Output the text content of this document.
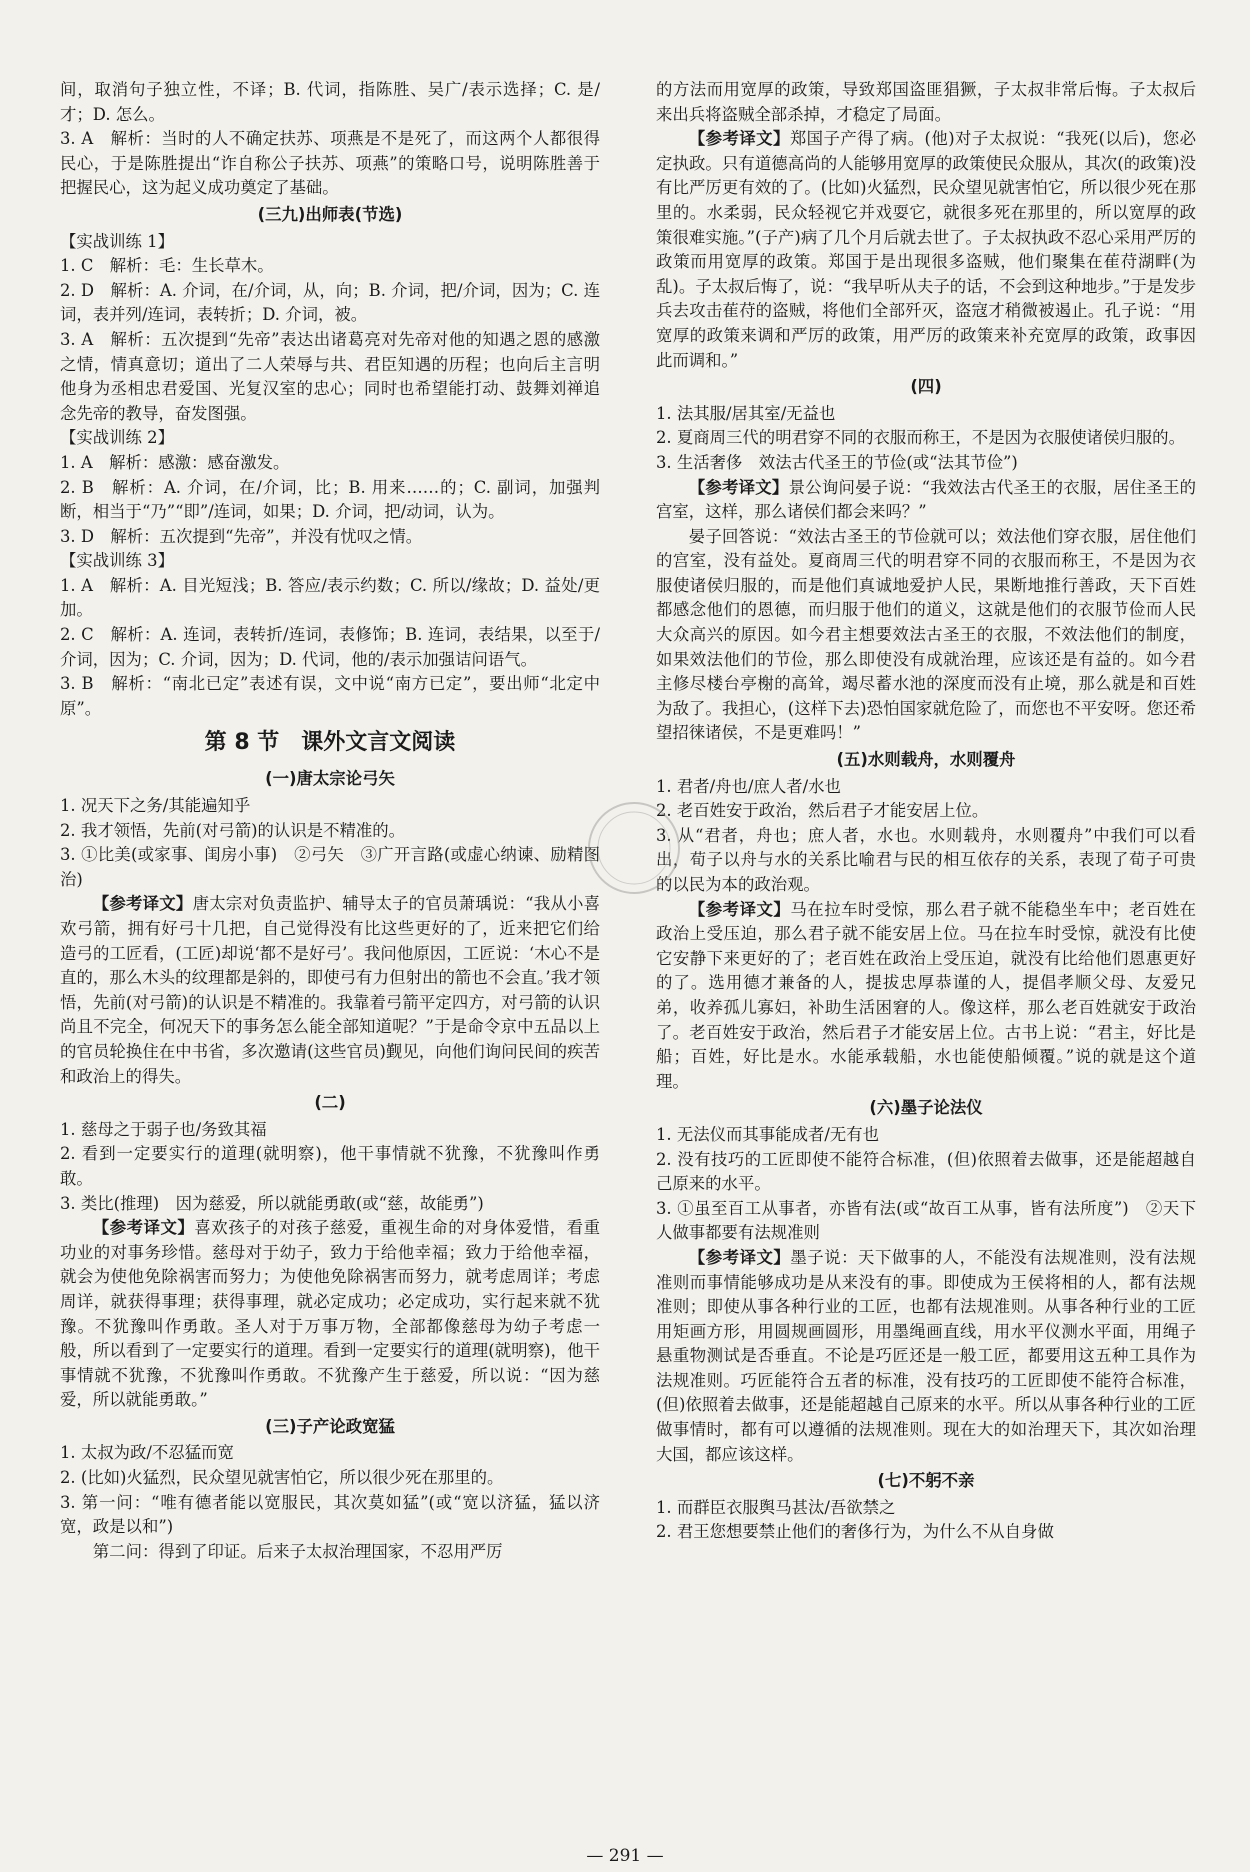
间，取消句子独立性，不译；B. 代词，指陈胜、吴广/表示选择；C. 是/才；D. 怎么。
3. A　解析：当时的人不确定扶苏、项燕是不是死了，而这两个人都很得民心，于是陈胜提出“诈自称公子扶苏、项燕”的策略口号，说明陈胜善于把握民心，这为起义成功奠定了基础。
(三九)出师表(节选)
【实战训练 1】
1. C　解析：毛：生长草木。
2. D　解析：A. 介词，在/介词，从，向；B. 介词，把/介词，因为；C. 连词，表并列/连词，表转折；D. 介词，被。
3. A　解析：五次提到“先帝”表达出诸葛亮对先帝对他的知遇之恩的感激之情，情真意切；道出了二人荣辱与共、君臣知遇的历程；也向后主言明他身为丞相忠君爱国、光复汉室的忠心；同时也希望能打动、鼓舞刘禅追念先帝的教导，奋发图强。
【实战训练 2】
1. A　解析：感激：感奋激发。
2. B　解析：A. 介词，在/介词，比；B. 用来……的；C. 副词，加强判断，相当于“乃”“即”/连词，如果；D. 介词，把/动词，认为。
3. D　解析：五次提到“先帝”，并没有忧叹之情。
【实战训练 3】
1. A　解析：A. 目光短浅；B. 答应/表示约数；C. 所以/缘故；D. 益处/更加。
2. C　解析：A. 连词，表转折/连词，表修饰；B. 连词，表结果，以至于/介词，因为；C. 介词，因为；D. 代词，他的/表示加强诘问语气。
3. B　解析：“南北已定”表述有误，文中说“南方已定”，要出师“北定中原”。
第 8 节　课外文言文阅读
(一)唐太宗论弓矢
1. 况天下之务/其能遍知乎
2. 我才领悟，先前(对弓箭)的认识是不精准的。
3. ①比美(或家事、闺房小事)　②弓矢　③广开言路(或虚心纳谏、励精图治)
【参考译文】唐太宗对负责监护、辅导太子的官员萧瑀说：“我从小喜欢弓箭，拥有好弓十几把，自己觉得没有比这些更好的了，近来把它们给造弓的工匠看，(工匠)却说‘都不是好弓’。我问他原因，工匠说：‘木心不是直的，那么木头的纹理都是斜的，即使弓有力但射出的箭也不会直。’我才领悟，先前(对弓箭)的认识是不精准的。我靠着弓箭平定四方，对弓箭的认识尚且不完全，何况天下的事务怎么能全部知道呢？”于是命令京中五品以上的官员轮换住在中书省，多次邀请(这些官员)觐见，向他们询问民间的疾苦和政治上的得失。
(二)
1. 慈母之于弱子也/务致其福
2. 看到一定要实行的道理(就明察)，他干事情就不犹豫，不犹豫叫作勇敢。
3. 类比(推理)　因为慈爱，所以就能勇敢(或“慈，故能勇”)
【参考译文】喜欢孩子的对孩子慈爱，重视生命的对身体爱惜，看重功业的对事务珍惜。慈母对于幼子，致力于给他幸福；致力于给他幸福，就会为使他免除祸害而努力；为使他免除祸害而努力，就考虑周详；考虑周详，就获得事理；获得事理，就必定成功；必定成功，实行起来就不犹豫。不犹豫叫作勇敢。圣人对于万事万物，全部都像慈母为幼子考虑一般，所以看到了一定要实行的道理。看到一定要实行的道理(就明察)，他干事情就不犹豫，不犹豫叫作勇敢。不犹豫产生于慈爱，所以说：“因为慈爱，所以就能勇敢。”
(三)子产论政宽猛
1. 太叔为政/不忍猛而宽
2. (比如)火猛烈，民众望见就害怕它，所以很少死在那里的。
3. 第一问：“唯有德者能以宽服民，其次莫如猛”(或“宽以济猛，猛以济宽，政是以和”)
第二问：得到了印证。后来子太叔治理国家，不忍用严厉
的方法而用宽厚的政策，导致郑国盗匪猖獗，子太叔非常后悔。子太叔后来出兵将盗贼全部杀掉，才稳定了局面。
【参考译文】郑国子产得了病。(他)对子太叔说：“我死(以后)，您必定执政。只有道德高尚的人能够用宽厚的政策使民众服从，其次(的政策)没有比严厉更有效的了。(比如)火猛烈，民众望见就害怕它，所以很少死在那里的。水柔弱，民众轻视它并戏耍它，就很多死在那里的，所以宽厚的政策很难实施。”(子产)病了几个月后就去世了。子太叔执政不忍心采用严厉的政策而用宽厚的政策。郑国于是出现很多盗贼，他们聚集在萑苻湖畔(为乱)。子太叔后悔了，说：“我早听从夫子的话，不会到这种地步。”于是发步兵去攻击萑苻的盗贼，将他们全部歼灭，盗寇才稍微被遏止。孔子说：“用宽厚的政策来调和严厉的政策，用严厉的政策来补充宽厚的政策，政事因此而调和。”
(四)
1. 法其服/居其室/无益也
2. 夏商周三代的明君穿不同的衣服而称王，不是因为衣服使诸侯归服的。
3. 生活奢侈　效法古代圣王的节俭(或“法其节俭”)
【参考译文】景公询问晏子说：“我效法古代圣王的衣服，居住圣王的宫室，这样，那么诸侯们都会来吗？”
晏子回答说：“效法古圣王的节俭就可以；效法他们穿衣服，居住他们的宫室，没有益处。夏商周三代的明君穿不同的衣服而称王，不是因为衣服使诸侯归服的，而是他们真诚地爱护人民，果断地推行善政，天下百姓都感念他们的恩德，而归服于他们的道义，这就是他们的衣服节俭而人民大众高兴的原因。如今君主想要效法古圣王的衣服，不效法他们的制度，如果效法他们的节俭，那么即使没有成就治理，应该还是有益的。如今君主修尽楼台亭榭的高耸，竭尽蓄水池的深度而没有止境，那么就是和百姓为敌了。我担心，(这样下去)恐怕国家就危险了，而您也不平安呀。您还希望招徕诸侯，不是更难吗！”
(五)水则载舟，水则覆舟
1. 君者/舟也/庶人者/水也
2. 老百姓安于政治，然后君子才能安居上位。
3. 从“君者，舟也；庶人者，水也。水则载舟，水则覆舟”中我们可以看出，荀子以舟与水的关系比喻君与民的相互依存的关系，表现了荀子可贵的以民为本的政治观。
【参考译文】马在拉车时受惊，那么君子就不能稳坐车中；老百姓在政治上受压迫，那么君子就不能安居上位。马在拉车时受惊，就没有比使它安静下来更好的了；老百姓在政治上受压迫，就没有比给他们恩惠更好的了。选用德才兼备的人，提拔忠厚恭谨的人，提倡孝顺父母、友爱兄弟，收养孤儿寡妇，补助生活困窘的人。像这样，那么老百姓就安于政治了。老百姓安于政治，然后君子才能安居上位。古书上说：“君主，好比是船；百姓，好比是水。水能承载船，水也能使船倾覆。”说的就是这个道理。
(六)墨子论法仪
1. 无法仪而其事能成者/无有也
2. 没有技巧的工匠即使不能符合标准，(但)依照着去做事，还是能超越自己原来的水平。
3. ①虽至百工从事者，亦皆有法(或“故百工从事，皆有法所度”)　②天下人做事都要有法规准则
【参考译文】墨子说：天下做事的人，不能没有法规准则，没有法规准则而事情能够成功是从来没有的事。即使成为王侯将相的人，都有法规准则；即使从事各种行业的工匠，也都有法规准则。从事各种行业的工匠用矩画方形，用圆规画圆形，用墨绳画直线，用水平仪测水平面，用绳子悬重物测试是否垂直。不论是巧匠还是一般工匠，都要用这五种工具作为法规准则。巧匠能符合五者的标准，没有技巧的工匠即使不能符合标准，(但)依照着去做事，还是能超越自己原来的水平。所以从事各种行业的工匠做事情时，都有可以遵循的法规准则。现在大的如治理天下，其次如治理大国，都应该这样。
(七)不躬不亲
1. 而群臣衣服舆马甚汰/吾欲禁之
2. 君王您想要禁止他们的奢侈行为，为什么不从自身做
— 291 —
